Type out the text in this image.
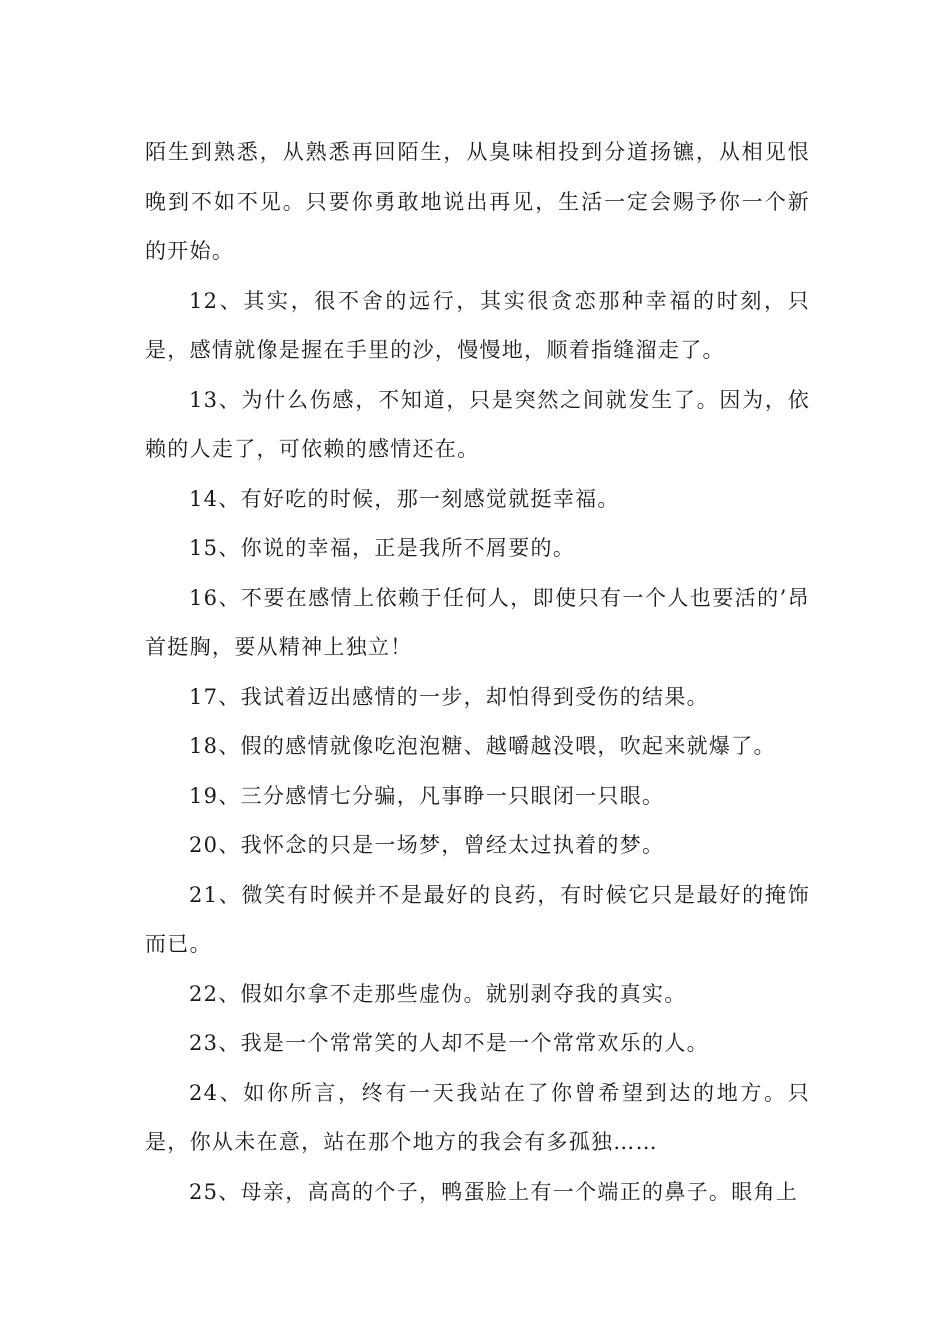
陌生到熟悉，从熟悉再回陌生，从臭味相投到分道扬镳，从相见恨晚到不如不见。只要你勇敢地说出再见，生活一定会赐予你一个新的开始。

12、其实，很不舍的远行，其实很贪恋那种幸福的时刻，只是，感情就像是握在手里的沙，慢慢地，顺着指缝溜走了。

13、为什么伤感，不知道，只是突然之间就发生了。因为，依赖的人走了，可依赖的感情还在。

14、有好吃的时候，那一刻感觉就挺幸福。

15、你说的幸福，正是我所不屑要的。

16、不要在感情上依赖于任何人，即使只有一个人也要活的’昂首挺胸，要从精神上独立！

17、我试着迈出感情的一步，却怕得到受伤的结果。

18、假的感情就像吃泡泡糖、越嚼越没喂，吹起来就爆了。

19、三分感情七分骗，凡事睁一只眼闭一只眼。

20、我怀念的只是一场梦，曾经太过执着的梦。

21、微笑有时候并不是最好的良药，有时候它只是最好的掩饰而已。

22、假如尔拿不走那些虚伪。就别剥夺我的真实。

23、我是一个常常笑的人却不是一个常常欢乐的人。

24、如你所言，终有一天我站在了你曾希望到达的地方。只是，你从未在意，站在那个地方的我会有多孤独……

25、母亲，高高的个子，鸭蛋脸上有一个端正的鼻子。眼角上
